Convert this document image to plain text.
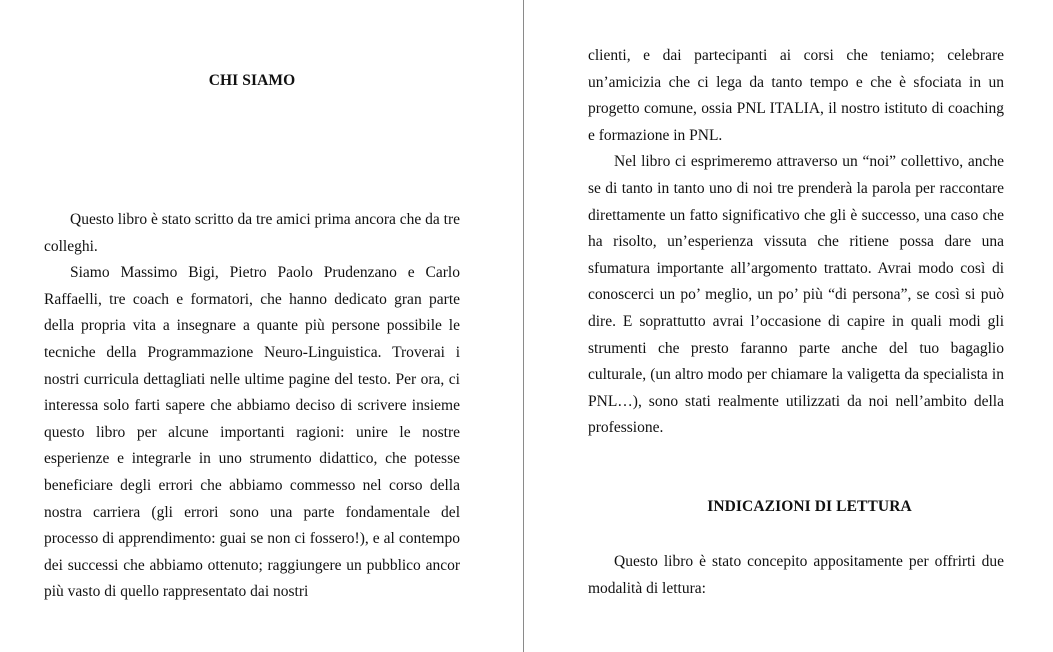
CHI SIAMO

Questo libro è stato scritto da tre amici prima ancora che da tre colleghi.

Siamo Massimo Bigi, Pietro Paolo Prudenzano e Carlo Raffaelli, tre coach e formatori, che hanno dedicato gran parte della propria vita a insegnare a quante più persone possibile le tecniche della Programmazione Neuro-Linguistica. Troverai i nostri curricula dettagliati nelle ultime pagine del testo. Per ora, ci interessa solo farti sapere che abbiamo deciso di scrivere insieme questo libro per alcune importanti ragioni: unire le nostre esperienze e integrarle in uno strumento didattico, che potesse beneficiare degli errori che abbiamo commesso nel corso della nostra carriera (gli errori sono una parte fondamentale del processo di apprendimento: guai se non ci fossero!), e al contempo dei successi che abbiamo ottenuto; raggiungere un pubblico ancor più vasto di quello rappresentato dai nostri

clienti, e dai partecipanti ai corsi che teniamo; celebrare un’amicizia che ci lega da tanto tempo e che è sfociata in un progetto comune, ossia PNL ITALIA, il nostro istituto di coaching e formazione in PNL.

Nel libro ci esprimeremo attraverso un “noi” collettivo, anche se di tanto in tanto uno di noi tre prenderà la parola per raccontare direttamente un fatto significativo che gli è successo, una caso che ha risolto, un’esperienza vissuta che ritiene possa dare una sfumatura importante all’argomento trattato. Avrai modo così di conoscerci un po’ meglio, un po’ più “di persona”, se così si può dire. E soprattutto avrai l’occasione di capire in quali modi gli strumenti che presto faranno parte anche del tuo bagaglio culturale, (un altro modo per chiamare la valigetta da specialista in PNL…), sono stati realmente utilizzati da noi nell’ambito della professione.

INDICAZIONI DI LETTURA

Questo libro è stato concepito appositamente per offrirti due modalità di lettura:
